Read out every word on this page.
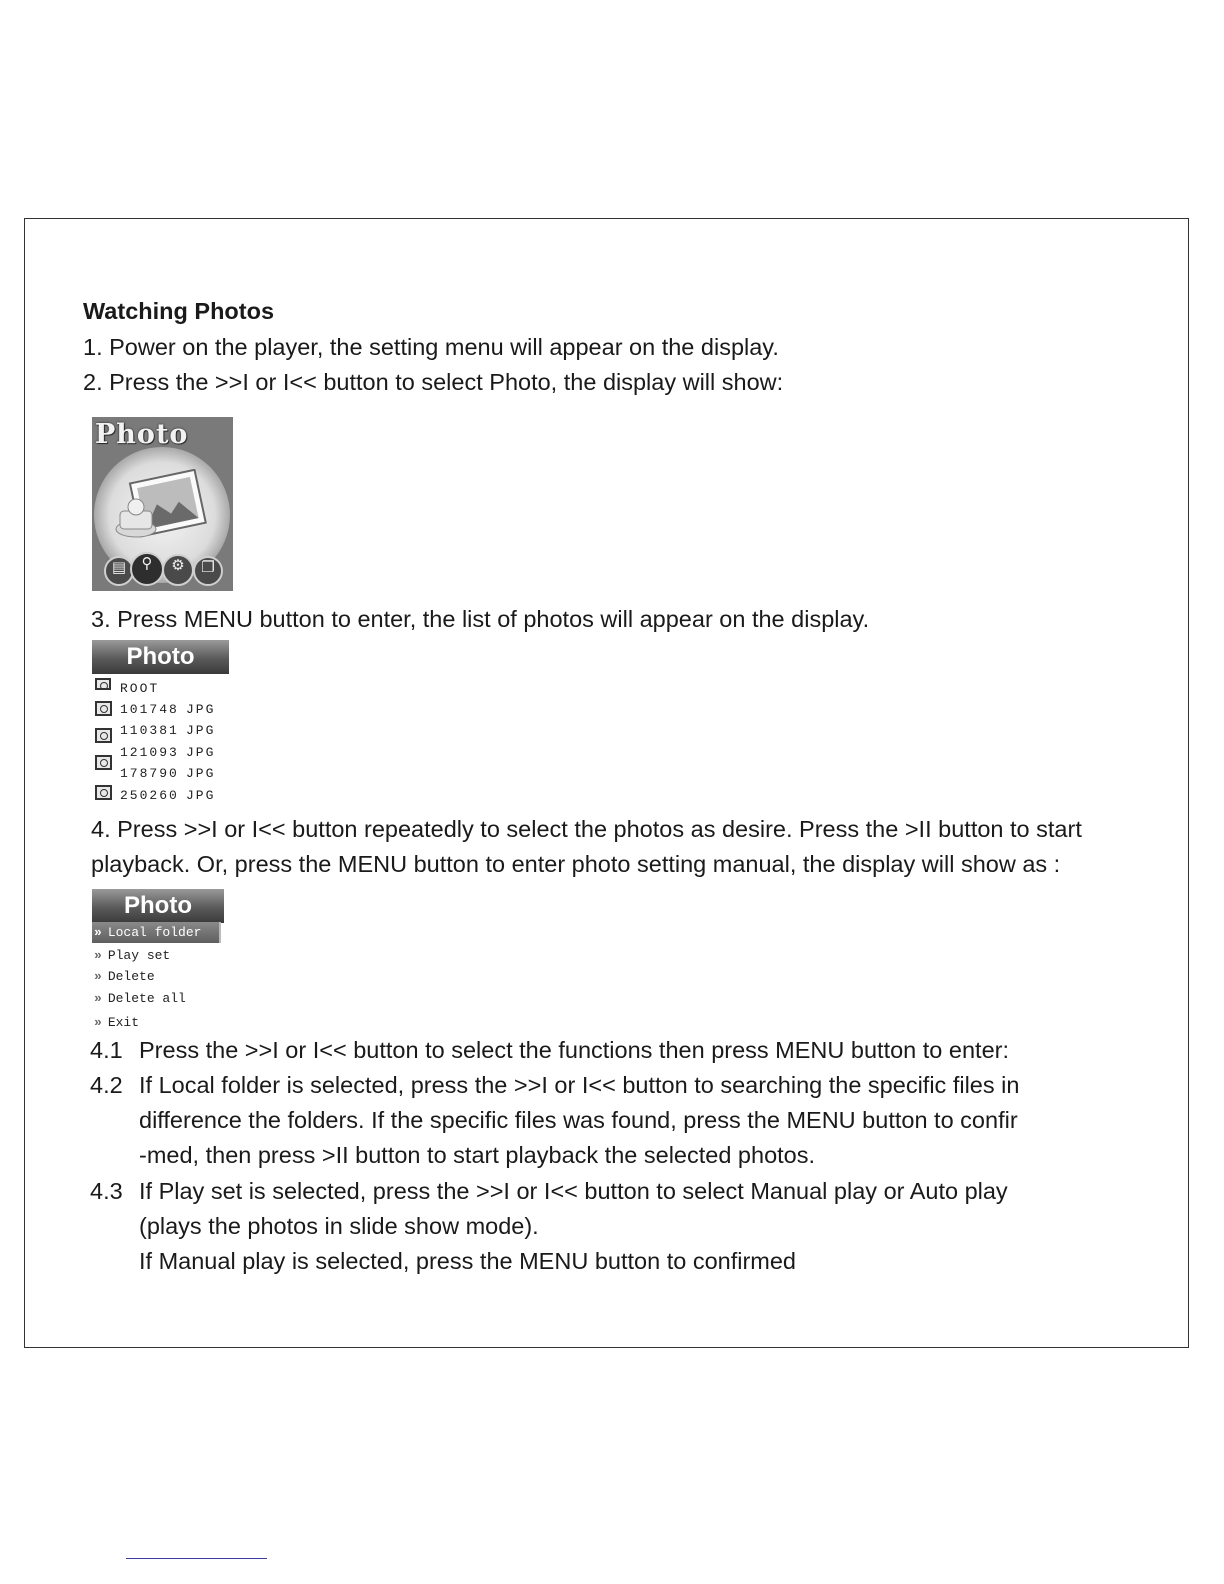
Watching Photos
1. Power on the player, the setting menu will appear on the display.
2. Press the >>I or I<< button to select Photo, the display will show:
Photo
▤	⚲	⚙	❐
3. Press MENU button to enter, the list of photos will appear on the display.
Photo
ROOT
101748 JPG
110381 JPG
121093 JPG
178790 JPG
250260 JPG
4. Press >>I or I<< button repeatedly to select the photos as desire. Press the >II button to start
playback. Or, press the MENU button to enter photo setting manual, the display will show as :
Photo
» Local folder
» Play set
» Delete
» Delete all
» Exit
4.1 Press the >>I or I<< button to select the functions then press MENU button to enter:
4.2 If Local folder is selected, press the >>I or I<< button to searching the specific files in
difference the folders. If the specific files was found, press the MENU button to confir
-med, then press >II button to start playback the selected photos.
4.3 If Play set is selected, press the >>I or I<< button to select Manual play or Auto play
(plays the photos in slide show mode).
If Manual play is selected, press the MENU button to confirmed
